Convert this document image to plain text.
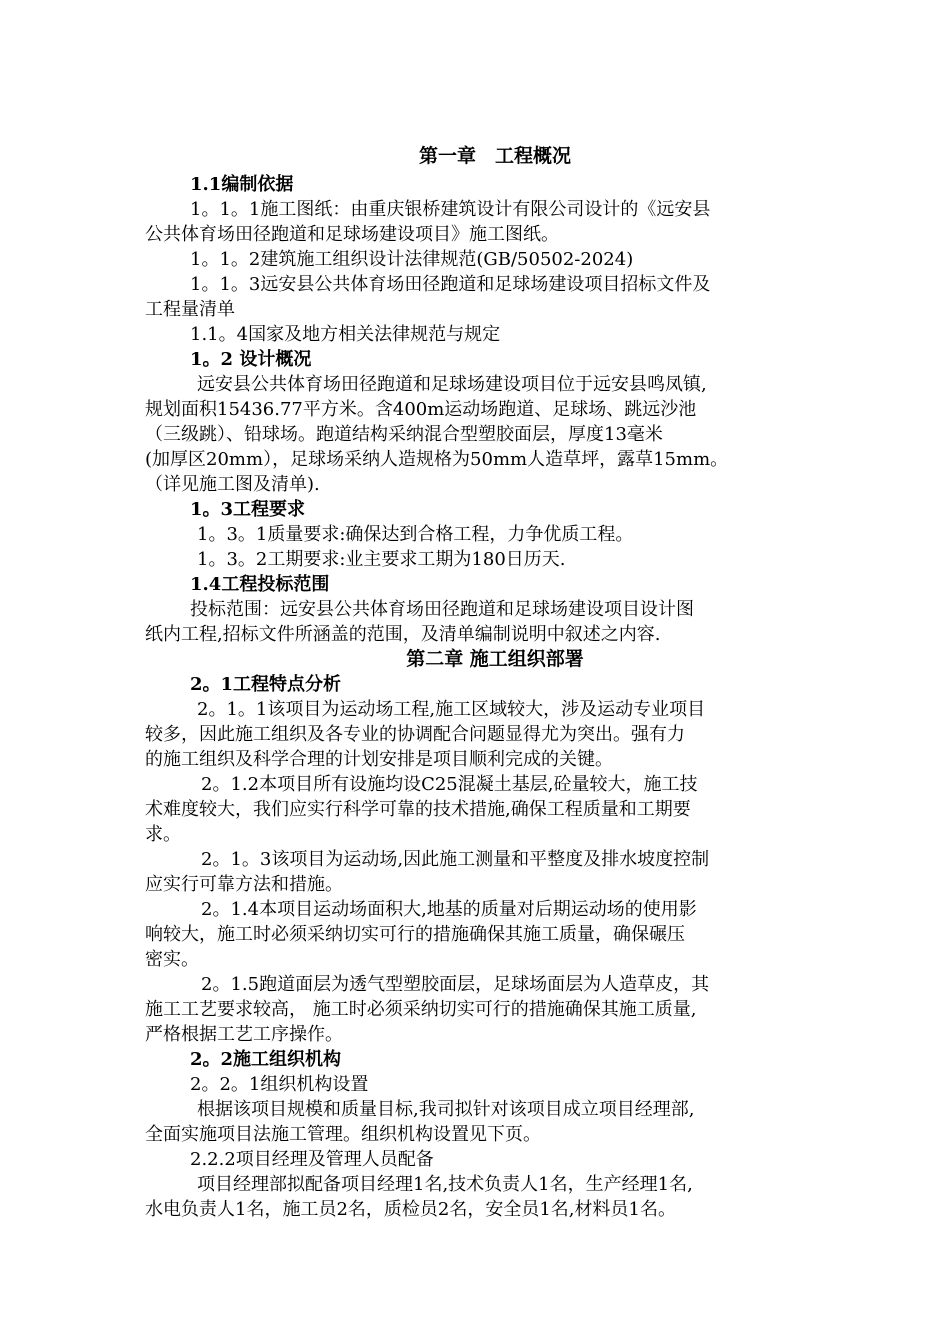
第一章　工程概况
1.1编制依据
1。1。1施工图纸：由重庆银桥建筑设计有限公司设计的《远安县
公共体育场田径跑道和足球场建设项目》施工图纸。
1。1。2建筑施工组织设计法律规范(GB/50502-2024)
1。1。3远安县公共体育场田径跑道和足球场建设项目招标文件及
工程量清单
1.1。4国家及地方相关法律规范与规定
1。2 设计概况
远安县公共体育场田径跑道和足球场建设项目位于远安县鸣凤镇,
规划面积15436.77平方米。含400m运动场跑道、足球场、跳远沙池
（三级跳）、铅球场。跑道结构采纳混合型塑胶面层，厚度13毫米
(加厚区20mm），足球场采纳人造规格为50mm人造草坪，露草15mm。
（详见施工图及清单).
1。3工程要求
1。3。1质量要求:确保达到合格工程，力争优质工程。
1。3。2工期要求:业主要求工期为180日历天.
1.4工程投标范围
投标范围：远安县公共体育场田径跑道和足球场建设项目设计图
纸内工程,招标文件所涵盖的范围，及清单编制说明中叙述之内容.
第二章 施工组织部署
2。1工程特点分析
2。1。1该项目为运动场工程,施工区域较大，涉及运动专业项目
较多，因此施工组织及各专业的协调配合问题显得尤为突出。强有力
的施工组织及科学合理的计划安排是项目顺利完成的关键。
2。1.2本项目所有设施均设C25混凝土基层,砼量较大，施工技
术难度较大，我们应实行科学可靠的技术措施,确保工程质量和工期要
求。
2。1。3该项目为运动场,因此施工测量和平整度及排水坡度控制
应实行可靠方法和措施。
2。1.4本项目运动场面积大,地基的质量对后期运动场的使用影
响较大，施工时必须采纳切实可行的措施确保其施工质量，确保碾压
密实。
2。1.5跑道面层为透气型塑胶面层，足球场面层为人造草皮，其
施工工艺要求较高， 施工时必须采纳切实可行的措施确保其施工质量,
严格根据工艺工序操作。
2。2施工组织机构
2。2。1组织机构设置
根据该项目规模和质量目标,我司拟针对该项目成立项目经理部,
全面实施项目法施工管理。组织机构设置见下页。
2.2.2项目经理及管理人员配备
项目经理部拟配备项目经理1名,技术负责人1名，生产经理1名,
水电负责人1名，施工员2名，质检员2名，安全员1名,材料员1名。
